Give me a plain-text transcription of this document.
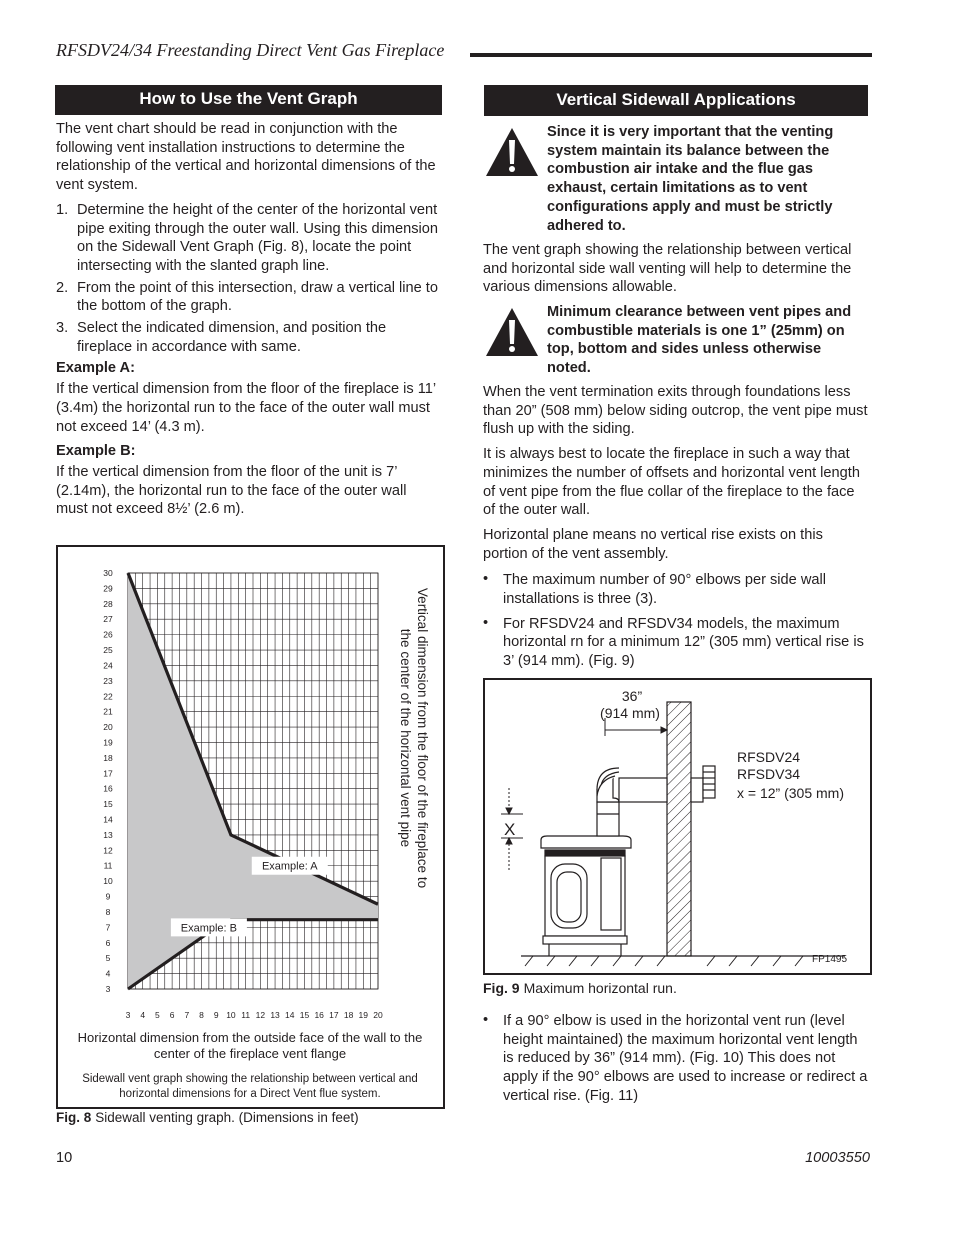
RFSDV24/34 Freestanding Direct Vent Gas Fireplace
How to Use the Vent Graph

The vent chart should be read in conjunction with the following vent installation instructions to determine the relationship of the vertical and horizontal dimensions of the vent system.

1. Determine the height of the center of the horizontal vent pipe exiting through the outer wall. Using this dimension on the Sidewall Vent Graph (Fig. 8), locate the point intersecting with the slanted graph line.
2. From the point of this intersection, draw a vertical line to the bottom of the graph.
3. Select the indicated dimension, and position the fireplace in accordance with same.

Example A:

If the vertical dimension from the floor of the fireplace is 11’ (3.4m) the horizontal run to the face of the outer wall must not exceed 14’ (4.3 m).

Example B:

If the vertical dimension from the floor of the unit is 7’ (2.14m), the horizontal run to the face of the outer wall must not exceed 8½’ (2.6 m).

3
4
5
6
7
8
9
10
11
12
13
14
15
16
17
18
19
20
21
22
23
24
25
26
27
28
29
30
3 4 5 6 7 8 9 10 11 12 13 14 15 16 17 18 19 20
Example: A
Example: B
Vertical dimension from the floor of the fireplace to the center of the horizontal vent pipe
Horizontal dimension from the outside face of the wall to the center of the fireplace vent flange
Sidewall vent graph showing the relationship between vertical and horizontal dimensions for a Direct Vent flue system.
Fig. 8 Sidewall venting graph. (Dimensions in feet)
Vertical Sidewall Applications
Since it is very important that the venting system maintain its balance between the combustion air intake and the flue gas exhaust, certain limitations as to vent configurations apply and must be strictly adhered to.

The vent graph showing the relationship between vertical and horizontal side wall venting will help to determine the various dimensions allowable.

Minimum clearance between vent pipes and combustible materials is one 1” (25mm) on top, bottom and sides unless otherwise noted.

When the vent termination exits through foundations less than 20” (508 mm) below siding outcrop, the vent pipe must flush up with the siding.

It is always best to locate the fireplace in such a way that minimizes the number of offsets and horizontal vent length of vent pipe from the flue collar of the fireplace to the face of the outer wall.

Horizontal plane means no vertical rise exists on this portion of the vent assembly.

• The maximum number of 90° elbows per side wall installations is three (3).
• For RFSDV24 and RFSDV34 models, the maximum horizontal rn for a minimum 12” (305 mm) vertical rise is 3’ (914 mm). (Fig. 9)
36”
(914 mm)
RFSDV24
RFSDV34
x = 12” (305 mm)
X
FP1495
Fig. 9 Maximum horizontal run.
• If a 90° elbow is used in the horizontal vent run (level height maintained) the maximum horizontal vent length is reduced by 36” (914 mm). (Fig. 10) This does not apply if the 90° elbows are used to increase or redirect a vertical rise. (Fig. 11)
10	10003550
